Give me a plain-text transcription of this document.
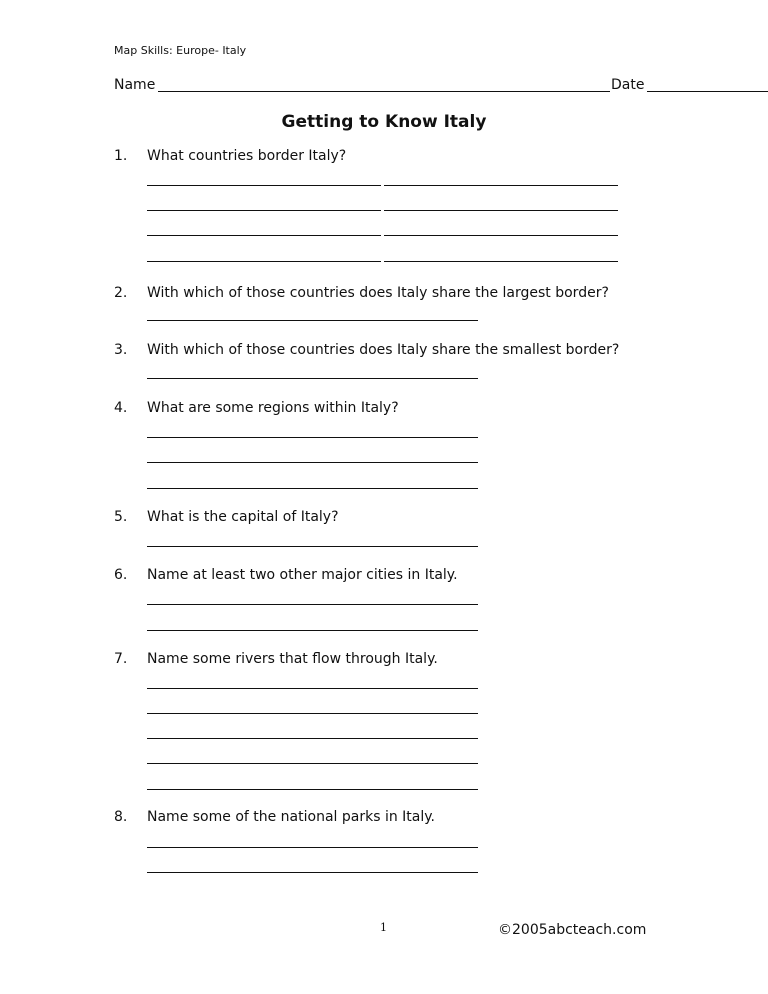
Map Skills: Europe- Italy
Name	Date
Getting to Know Italy
1. What countries border Italy?
2. With which of those countries does Italy share the largest border?
3. With which of those countries does Italy share the smallest border?
4. What are some regions within Italy?
5. What is the capital of Italy?
6. Name at least two other major cities in Italy.
7. Name some rivers that flow through Italy.
8. Name some of the national parks in Italy.
1	©2005abcteach.com
